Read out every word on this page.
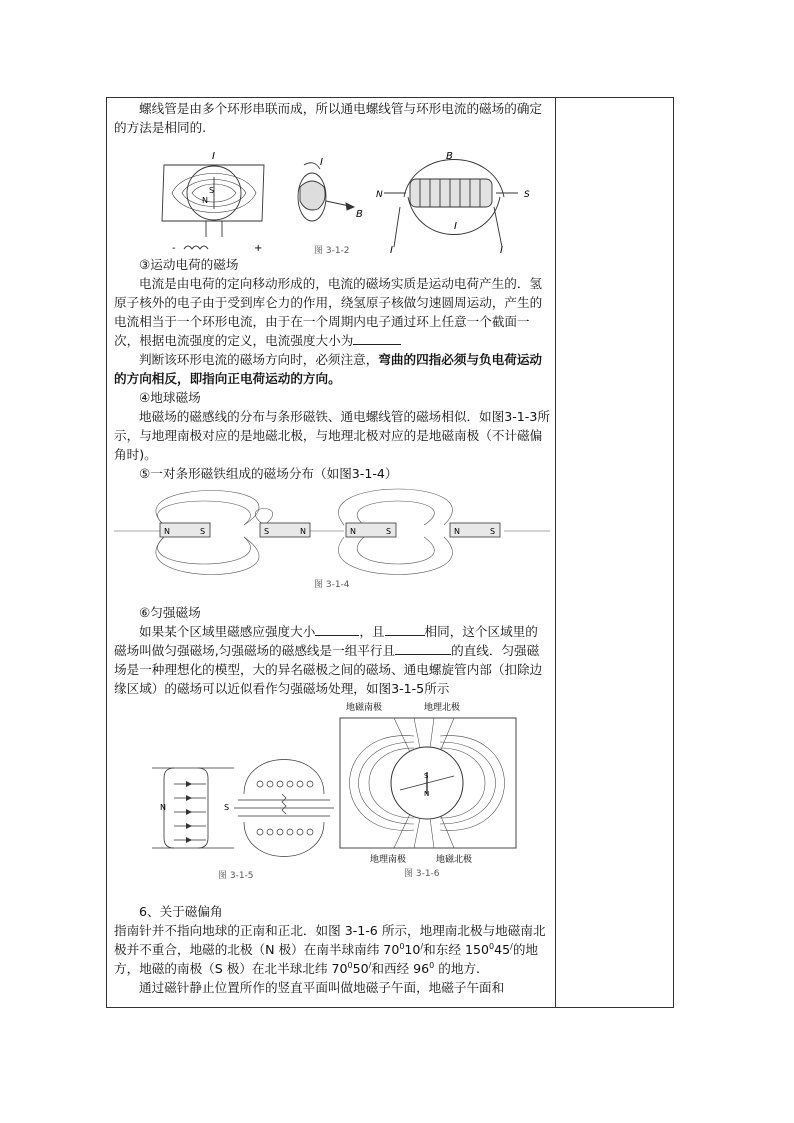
螺线管是由多个环形串联而成，所以通电螺线管与环形电流的磁场的确定的方法是相同的.

I
S
N
-	+
I
B
B
N	S
I
I	I
图 3-1-2

③运动电荷的磁场

电流是由电荷的定向移动形成的，电流的磁场实质是运动电荷产生的．氢原子核外的电子由于受到库仑力的作用，绕氢原子核做匀速圆周运动，产生的电流相当于一个环形电流，由于在一个周期内电子通过环上任意一个截面一次，根据电流强度的定义，电流强度大小为

判断该环形电流的磁场方向时，必须注意，弯曲的四指必须与负电荷运动的方向相反，即指向正电荷运动的方向。

④地球磁场

地磁场的磁感线的分布与条形磁铁、通电螺线管的磁场相似．如图3-1-3所示，与地理南极对应的是地磁北极，与地理北极对应的是地磁南极（不计磁偏角时)。

⑤一对条形磁铁组成的磁场分布（如图3-1-4）

N	S	S	N	N	S	N	S
图 3-1-4

⑥匀强磁场

如果某个区域里磁感应强度大小	，且	相同，这个区域里的磁场叫做匀强磁场,匀强磁场的磁感线是一组平行且	的直线．匀强磁场是一种理想化的模型，大的异名磁极之间的磁场、通电螺旋管内部（扣除边缘区域）的磁场可以近似看作匀强磁场处理，如图3-1-5所示

N	S
图 3-1-5
地磁南极	地理北极
S
N
地理南极	地磁北极
图 3-1-6

6、关于磁偏角

指南针并不指向地球的正南和正北．如图 3-1-6 所示，地理南北极与地磁南北极并不重合，地磁的北极（N 极）在南半球南纬 $70^010^/$和东经 $150^045^/$的地方，地磁的南极（S 极）在北半球北纬 $70^050^/$和西经 $96^0$ 的地方.

通过磁针静止位置所作的竖直平面叫做地磁子午面，地磁子午面和
